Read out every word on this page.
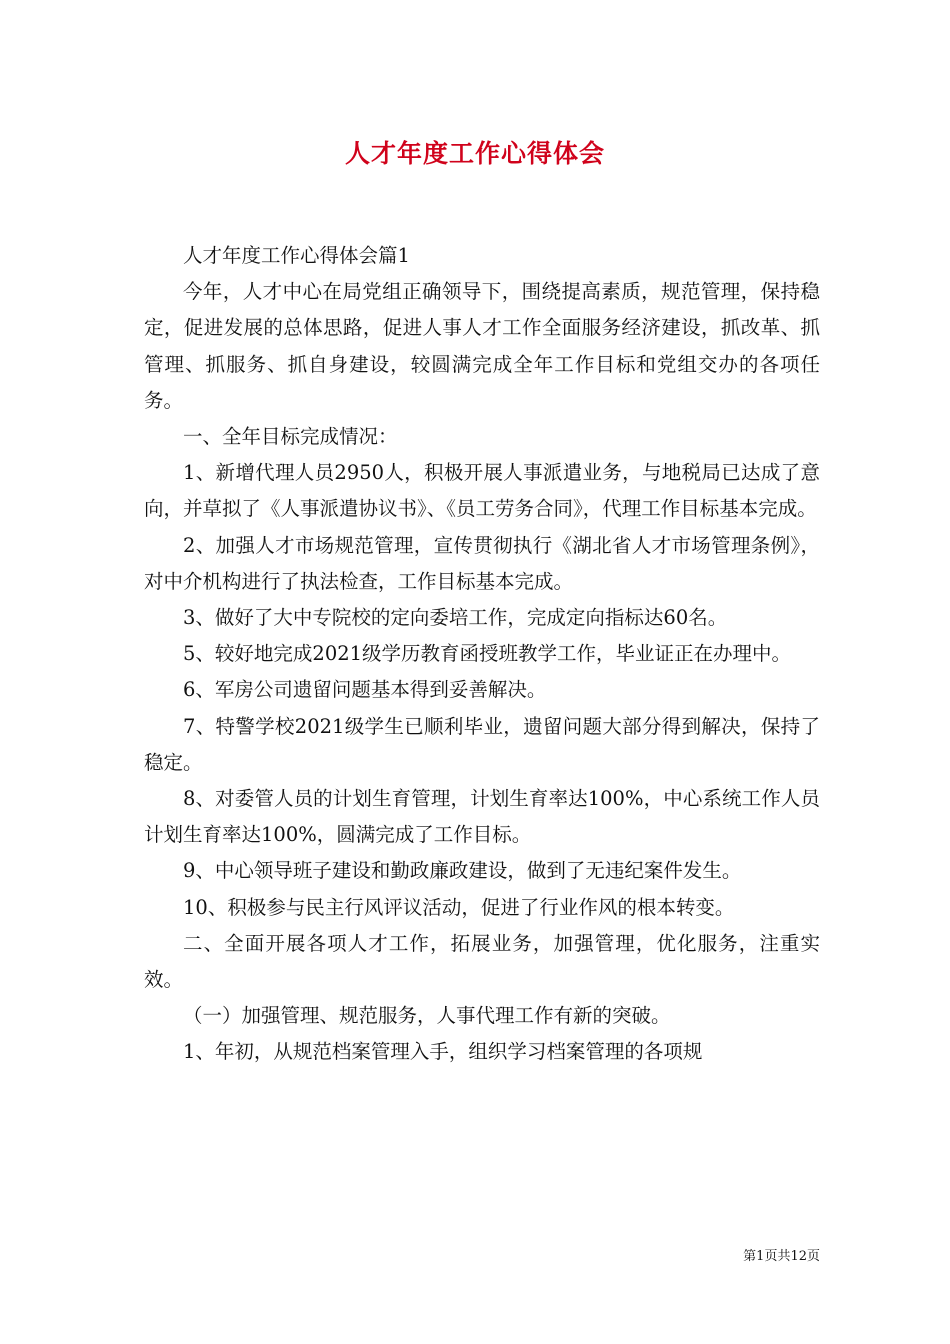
人才年度工作心得体会

人才年度工作心得体会篇1

今年，人才中心在局党组正确领导下，围绕提高素质，规范管理，保持稳定，促进发展的总体思路，促进人事人才工作全面服务经济建设，抓改革、抓管理、抓服务、抓自身建设，较圆满完成全年工作目标和党组交办的各项任务。

一、全年目标完成情况：

1、新增代理人员2950人，积极开展人事派遣业务，与地税局已达成了意向，并草拟了《人事派遣协议书》、《员工劳务合同》，代理工作目标基本完成。

2、加强人才市场规范管理，宣传贯彻执行《湖北省人才市场管理条例》，对中介机构进行了执法检查，工作目标基本完成。

3、做好了大中专院校的定向委培工作，完成定向指标达60名。

5、较好地完成2021级学历教育函授班教学工作，毕业证正在办理中。

6、军房公司遗留问题基本得到妥善解决。

7、特警学校2021级学生已顺利毕业，遗留问题大部分得到解决，保持了稳定。

8、对委管人员的计划生育管理，计划生育率达100%，中心系统工作人员计划生育率达100%，圆满完成了工作目标。

9、中心领导班子建设和勤政廉政建设，做到了无违纪案件发生。

10、积极参与民主行风评议活动，促进了行业作风的根本转变。

二、全面开展各项人才工作，拓展业务，加强管理，优化服务，注重实效。

（一）加强管理、规范服务，人事代理工作有新的突破。

1、年初，从规范档案管理入手，组织学习档案管理的各项规

第1页共12页
